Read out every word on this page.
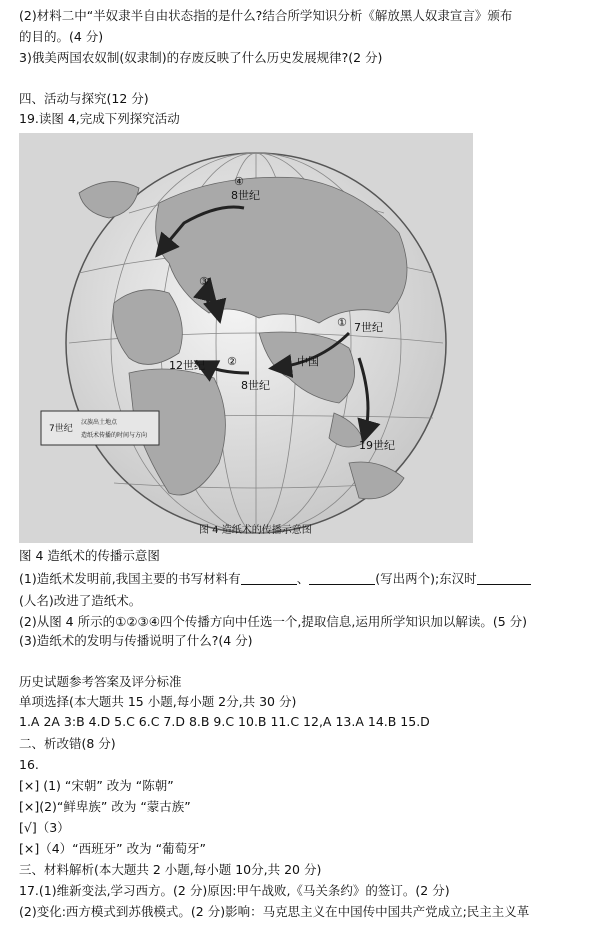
(2)材料二中“半奴隶半自由状态指的是什么?结合所学知识分析《解放黑人奴隶宣言》颁布
的目的。(4 分)
3)俄美两国农奴制(奴隶制)的存废反映了什么历史发展规律?(2 分)
四、活动与探究(12 分)
19.读图 4,完成下列探究活动
④
8世纪
③
① 7世纪
12世纪 ②
8世纪
中国
19世纪
7世纪
汉族出土地点
造纸术传播的时间与方向
图 4 造纸术的传播示意图
图 4 造纸术的传播示意图
(1)造纸术发明前,我国主要的书写材料有	、	(写出两个);东汉时
(人名)改进了造纸术。
(2)从图 4 所示的①②③④四个传播方向中任选一个,提取信息,运用所学知识加以解读。(5 分)
(3)造纸术的发明与传播说明了什么?(4 分)
历史试题参考答案及评分标准
单项选择(本大题共 15 小题,每小题 2分,共 30 分)
1.A 2A 3:B 4.D 5.C 6.C 7.D 8.B 9.C 10.B 11.C 12,A 13.A 14.B 15.D
二、析改错(8 分)
16.
[×] (1) “宋朝” 改为 “陈朝”
[×](2)“鲜卑族” 改为 “蒙古族”
[√]（3）
[×]（4）“西班牙” 改为 “葡萄牙”
三、材料解析(本大题共 2 小题,每小题 10分,共 20 分)
17.(1)维新变法,学习西方。(2 分)原因:甲午战败,《马关条约》的签订。(2 分)
(2)变化:西方模式到苏俄模式。(2 分)影响：马克思主义在中国传中国共产党成立;民主主义革
